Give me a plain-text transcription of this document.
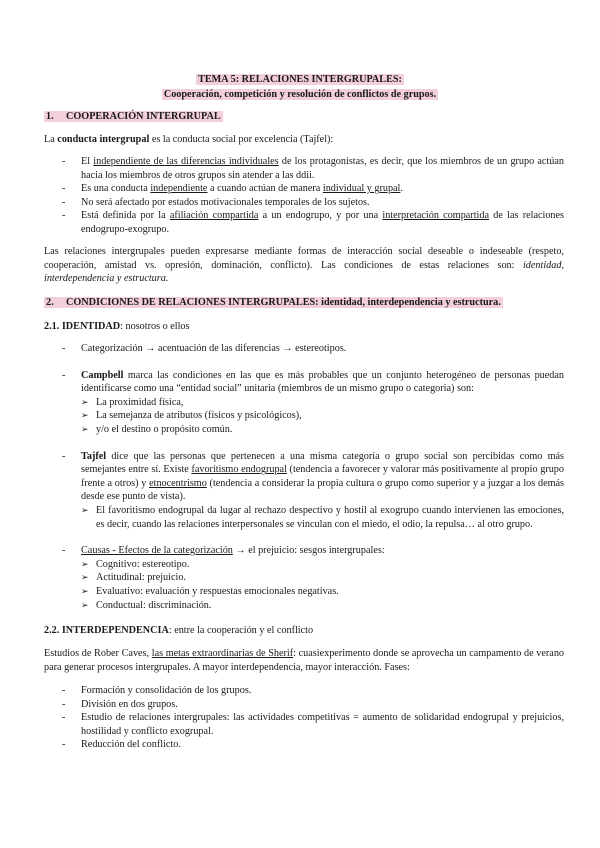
TEMA 5: RELACIONES INTERGRUPALES:
Cooperación, competición y resolución de conflictos de grupos.
1. COOPERACIÓN INTERGRUPAL
La conducta intergrupal es la conducta social por excelencia (Tajfel):
- El independiente de las diferencias individuales de los protagonistas, es decir, que los miembros de un grupo actúan hacia los miembros de otros grupos sin atender a las ddii.
- Es una conducta independiente a cuando actúan de manera individual y grupal.
- No será afectado por estados motivacionales temporales de los sujetos.
- Está definida por la afiliación compartida a un endogrupo, y por una interpretación compartida de las relaciones endogrupo-exogrupo.
Las relaciones intergrupales pueden expresarse mediante formas de interacción social deseable o indeseable (respeto, cooperación, amistad vs. opresión, dominación, conflicto). Las condiciones de estas relaciones son: identidad, interdependencia y estructura.
2. CONDICIONES DE RELACIONES INTERGRUPALES: identidad, interdependencia y estructura.
2.1. IDENTIDAD: nosotros o ellos
- Categorización → acentuación de las diferencias → estereotipos.
- Campbell marca las condiciones en las que es más probables que un conjunto heterogéneo de personas puedan identificarse como una “entidad social” unitaria (miembros de un mismo grupo o categoría) son:
➢ La proximidad física,
➢ La semejanza de atributos (físicos y psicológicos),
➢ y/o el destino o propósito común.
- Tajfel dice que las personas que pertenecen a una misma categoría o grupo social son percibidas como más semejantes entre sí. Existe favoritismo endogrupal (tendencia a favorecer y valorar más positivamente al propio grupo frente a otros) y etnocentrismo (tendencia a considerar la propia cultura o grupo como superior y a juzgar a los demás desde ese punto de vista).
➢ El favoritismo endogrupal da lugar al rechazo despectivo y hostil al exogrupo cuando intervienen las emociones, es decir, cuando las relaciones interpersonales se vinculan con el miedo, el odio, la repulsa… al otro grupo.
- Causas - Efectos de la categorización → el prejuicio: sesgos intergrupales:
➢ Cognitivo: estereotipo.
➢ Actitudinal: prejuicio.
➢ Evaluativo: evaluación y respuestas emocionales negativas.
➢ Conductual: discriminación.
2.2. INTERDEPENDENCIA: entre la cooperación y el conflicto
Estudios de Rober Caves, las metas extraordinarias de Sherif: cuasiexperimento donde se aprovecha un campamento de verano para generar procesos intergrupales. A mayor interdependencia, mayor interacción. Fases:
- Formación y consolidación de los grupos.
- División en dos grupos.
- Estudio de relaciones intergrupales: las actividades competitivas = aumento de solidaridad endogrupal y prejuicios, hostilidad y conflicto exogrupal.
- Reducción del conflicto.
